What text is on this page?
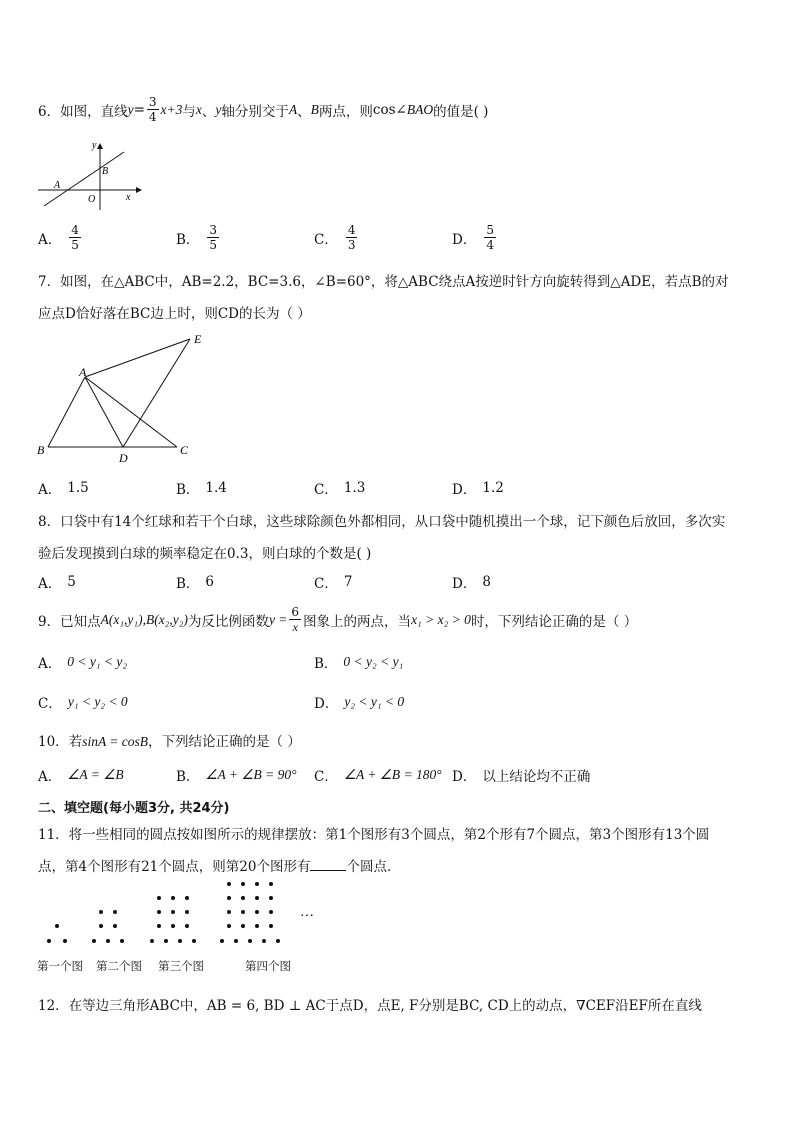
6．如图，直线 $y = \frac{3}{4} x+3$ 与 x 、 y 轴分别交于 A 、 B 两点，则 cos∠ BAO 的值是( )
y
x
O
A
B
A． $\frac{4}{5}$	B． $\frac{3}{5}$	C． $\frac{4}{3}$	D． $\frac{5}{4}$
7．如图，在△ABC中，AB=2.2，BC=3.6，∠B=60°，将△ABC绕点A按逆时针方向旋转得到△ADE，若点B的对
应点D恰好落在BC边上时，则CD的长为（ ）
A
B	C
D
E
A． 1.5	B． 1.4	C． 1.3	D． 1.2
8．口袋中有14个红球和若干个白球，这些球除颜色外都相同，从口袋中随机摸出一个球，记下颜色后放回，多次实
验后发现摸到白球的频率稳定在0.3，则白球的个数是( )
A． 5	B． 6	C． 7	D． 8
9．已知点 A(x₁,y₁),B(x₂,y₂) 为反比例函数 $y = \frac{6}{x}$ 图象上的两点，当 x₁ > x₂ > 0 时，下列结论正确的是（ ）
A． 0 < y₁ < y₂	B． 0 < y₂ < y₁
C． y₁ < y₂ < 0	D． y₂ < y₁ < 0
10．若sinA = cosB，下列结论正确的是（ ）
A． ∠A = ∠B	B． ∠A + ∠B = 90° C． ∠A + ∠B = 180° D． 以上结论均不正确
二、填空题(每小题3分, 共24分)
11．将一些相同的圆点按如图所示的规律摆放：第1个图形有3个圆点，第2个形有7个圆点，第3个图形有13个圆
点，第4个图形有21个圆点，则第20个图形有	个圆点．
…
第一个图 第二个图 第三个图	第四个图
12．在等边三角形ABC中，AB = 6, BD ⊥ AC于点D，点E, F分别是BC, CD上的动点，∇CEF沿EF所在直线
